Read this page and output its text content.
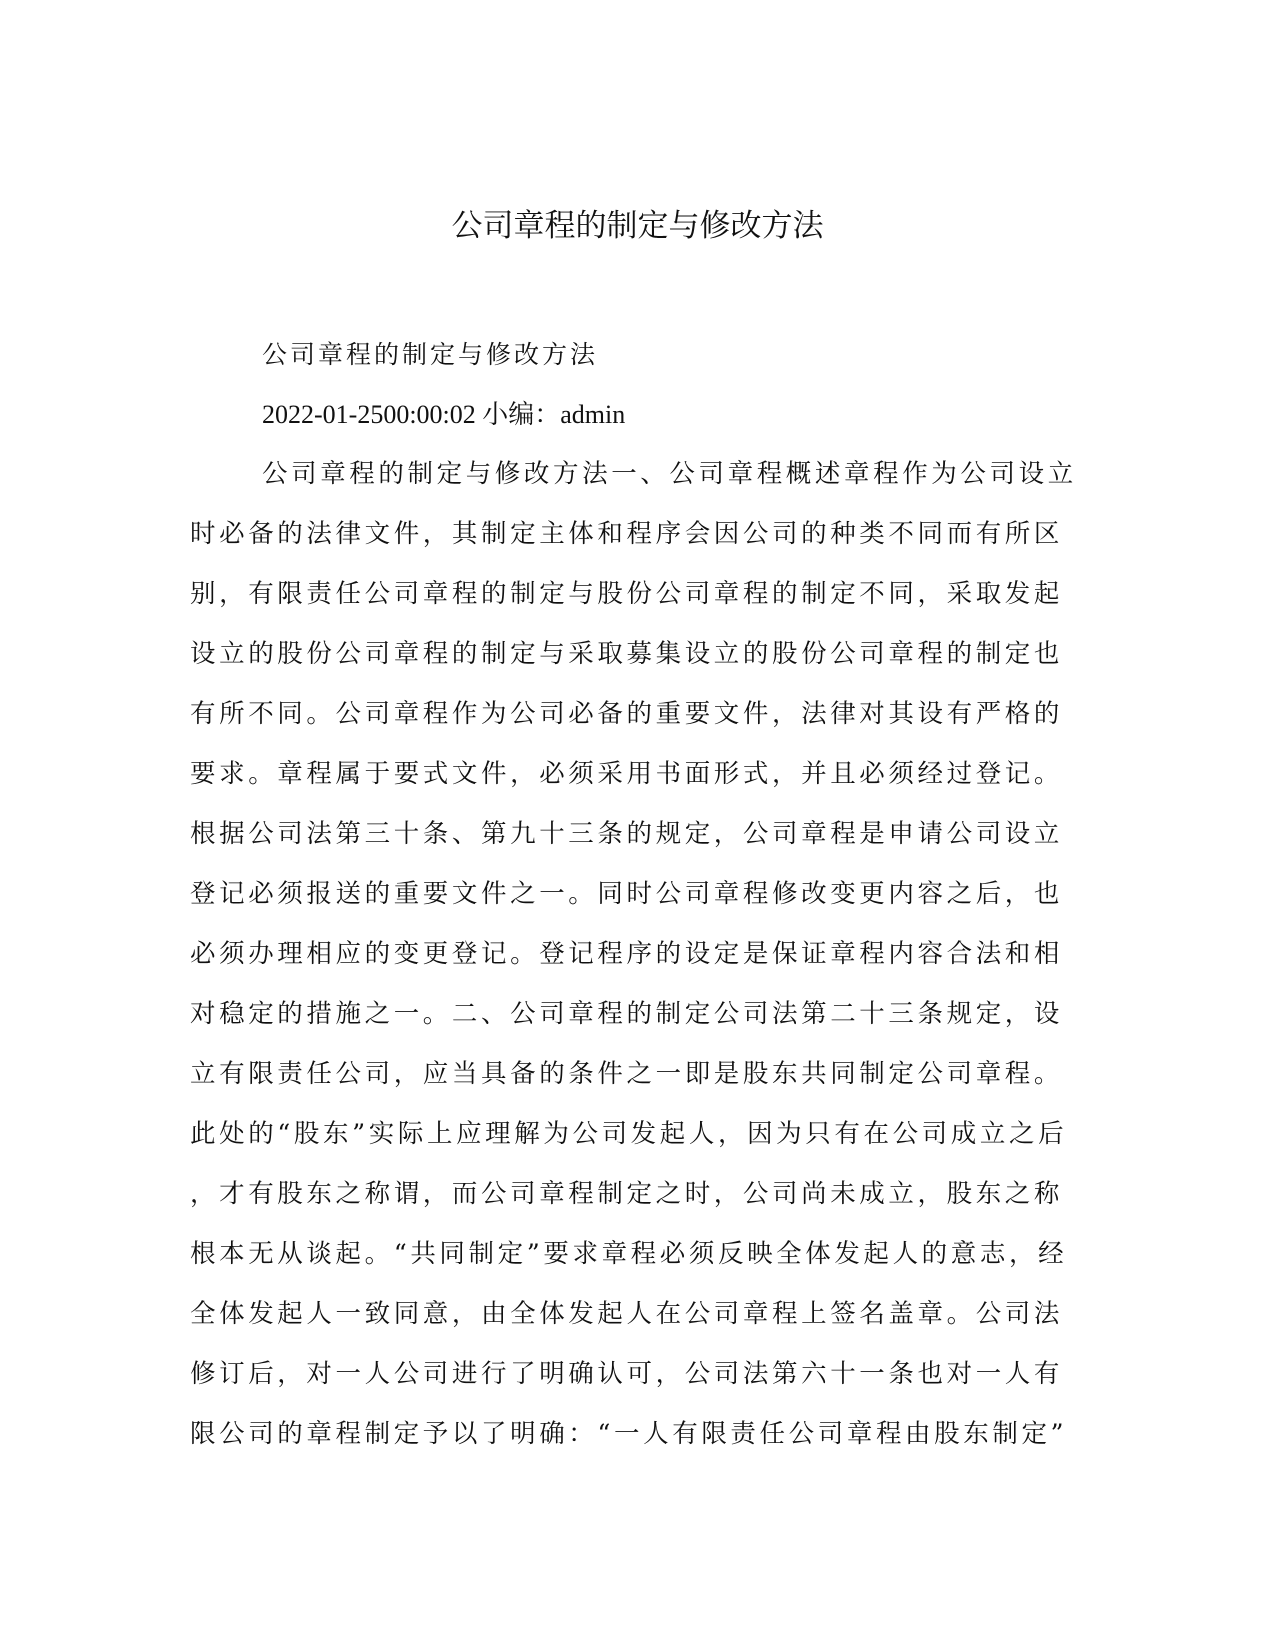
公司章程的制定与修改方法
公司章程的制定与修改方法
2022-01-2500:00:02 小编：admin
公司章程的制定与修改方法一、公司章程概述章程作为公司设立
时必备的法律文件，其制定主体和程序会因公司的种类不同而有所区
别，有限责任公司章程的制定与股份公司章程的制定不同，采取发起
设立的股份公司章程的制定与采取募集设立的股份公司章程的制定也
有所不同。公司章程作为公司必备的重要文件，法律对其设有严格的
要求。章程属于要式文件，必须采用书面形式，并且必须经过登记。
根据公司法第三十条、第九十三条的规定，公司章程是申请公司设立
登记必须报送的重要文件之一。同时公司章程修改变更内容之后，也
必须办理相应的变更登记。登记程序的设定是保证章程内容合法和相
对稳定的措施之一。二、公司章程的制定公司法第二十三条规定，设
立有限责任公司，应当具备的条件之一即是股东共同制定公司章程。
此处的“股东”实际上应理解为公司发起人，因为只有在公司成立之后
，才有股东之称谓，而公司章程制定之时，公司尚未成立，股东之称
根本无从谈起。“共同制定”要求章程必须反映全体发起人的意志，经
全体发起人一致同意，由全体发起人在公司章程上签名盖章。公司法
修订后，对一人公司进行了明确认可，公司法第六十一条也对一人有
限公司的章程制定予以了明确：“一人有限责任公司章程由股东制定”
